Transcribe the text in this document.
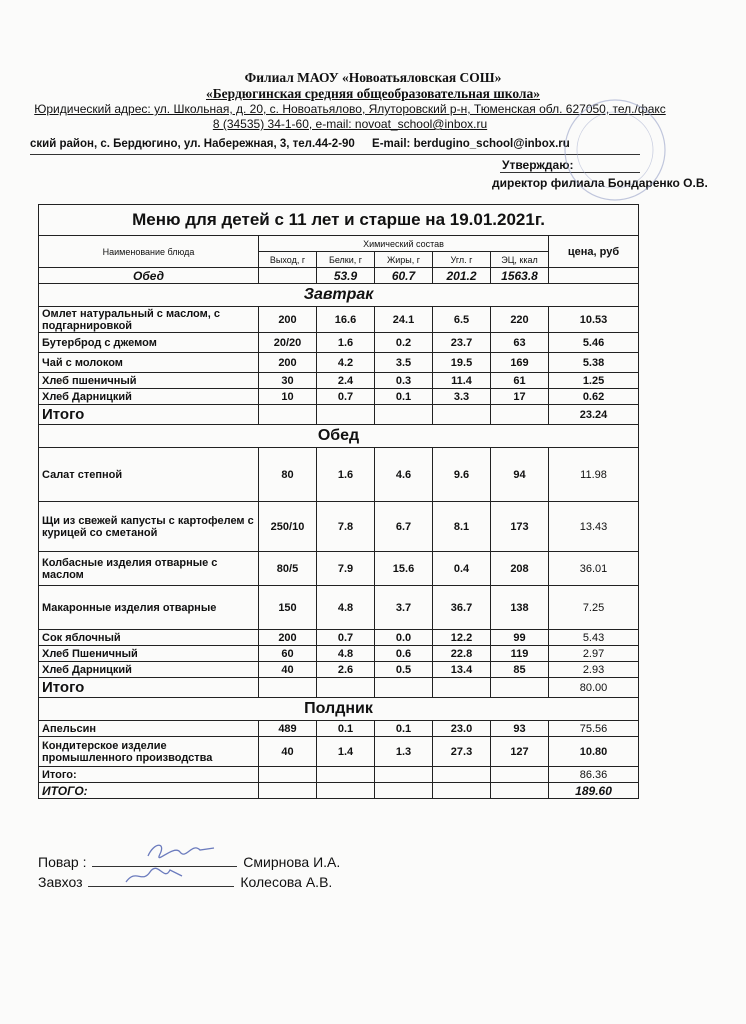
Филиал МАОУ «Новоатьяловская СОШ»
«Бердюгинская средняя общеобразовательная школа»
Юридический адрес: ул. Школьная, д. 20, с. Новоатьялово, Ялуторовский р-н, Тюменская обл. 627050, тел./факс 8 (34535) 34-1-60, e-mail: novoat_school@inbox.ru
ский район, с. Бердюгино, ул. Набережная, 3, тел.44-2-90 E-mail: berdugino_school@inbox.ru
Утверждаю:
директор филиала Бондаренко О.В.
Меню для детей с 11 лет и старше на 19.01.2021г.						
Наименование блюда	Химический состав					цена, руб
	Выход, г	Белки, г	Жиры, г	Угл. г	ЭЦ, ккал	
Обед		53.9	60.7	201.2	1563.8	
Завтрак						
Омлет натуральный с маслом, с подгарнировкой	200	16.6	24.1	6.5	220	10.53
Бутерброд с джемом	20/20	1.6	0.2	23.7	63	5.46
Чай с молоком	200	4.2	3.5	19.5	169	5.38
Хлеб пшеничный	30	2.4	0.3	11.4	61	1.25
Хлеб Дарницкий	10	0.7	0.1	3.3	17	0.62
Итого						23.24
Обед						
Салат степной	80	1.6	4.6	9.6	94	11.98
Щи из свежей капусты с картофелем с курицей со сметаной	250/10	7.8	6.7	8.1	173	13.43
Колбасные изделия отварные с маслом	80/5	7.9	15.6	0.4	208	36.01
Макаронные изделия отварные	150	4.8	3.7	36.7	138	7.25
Сок яблочный	200	0.7	0.0	12.2	99	5.43
Хлеб Пшеничный	60	4.8	0.6	22.8	119	2.97
Хлеб Дарницкий	40	2.6	0.5	13.4	85	2.93
Итого						80.00
Полдник						
Апельсин	489	0.1	0.1	23.0	93	75.56
Кондитерское изделие промышленного производства	40	1.4	1.3	27.3	127	10.80
Итого:						86.36
ИТОГО:						189.60
Повар :	Смирнова И.А.
Завхоз	Колесова А.В.
